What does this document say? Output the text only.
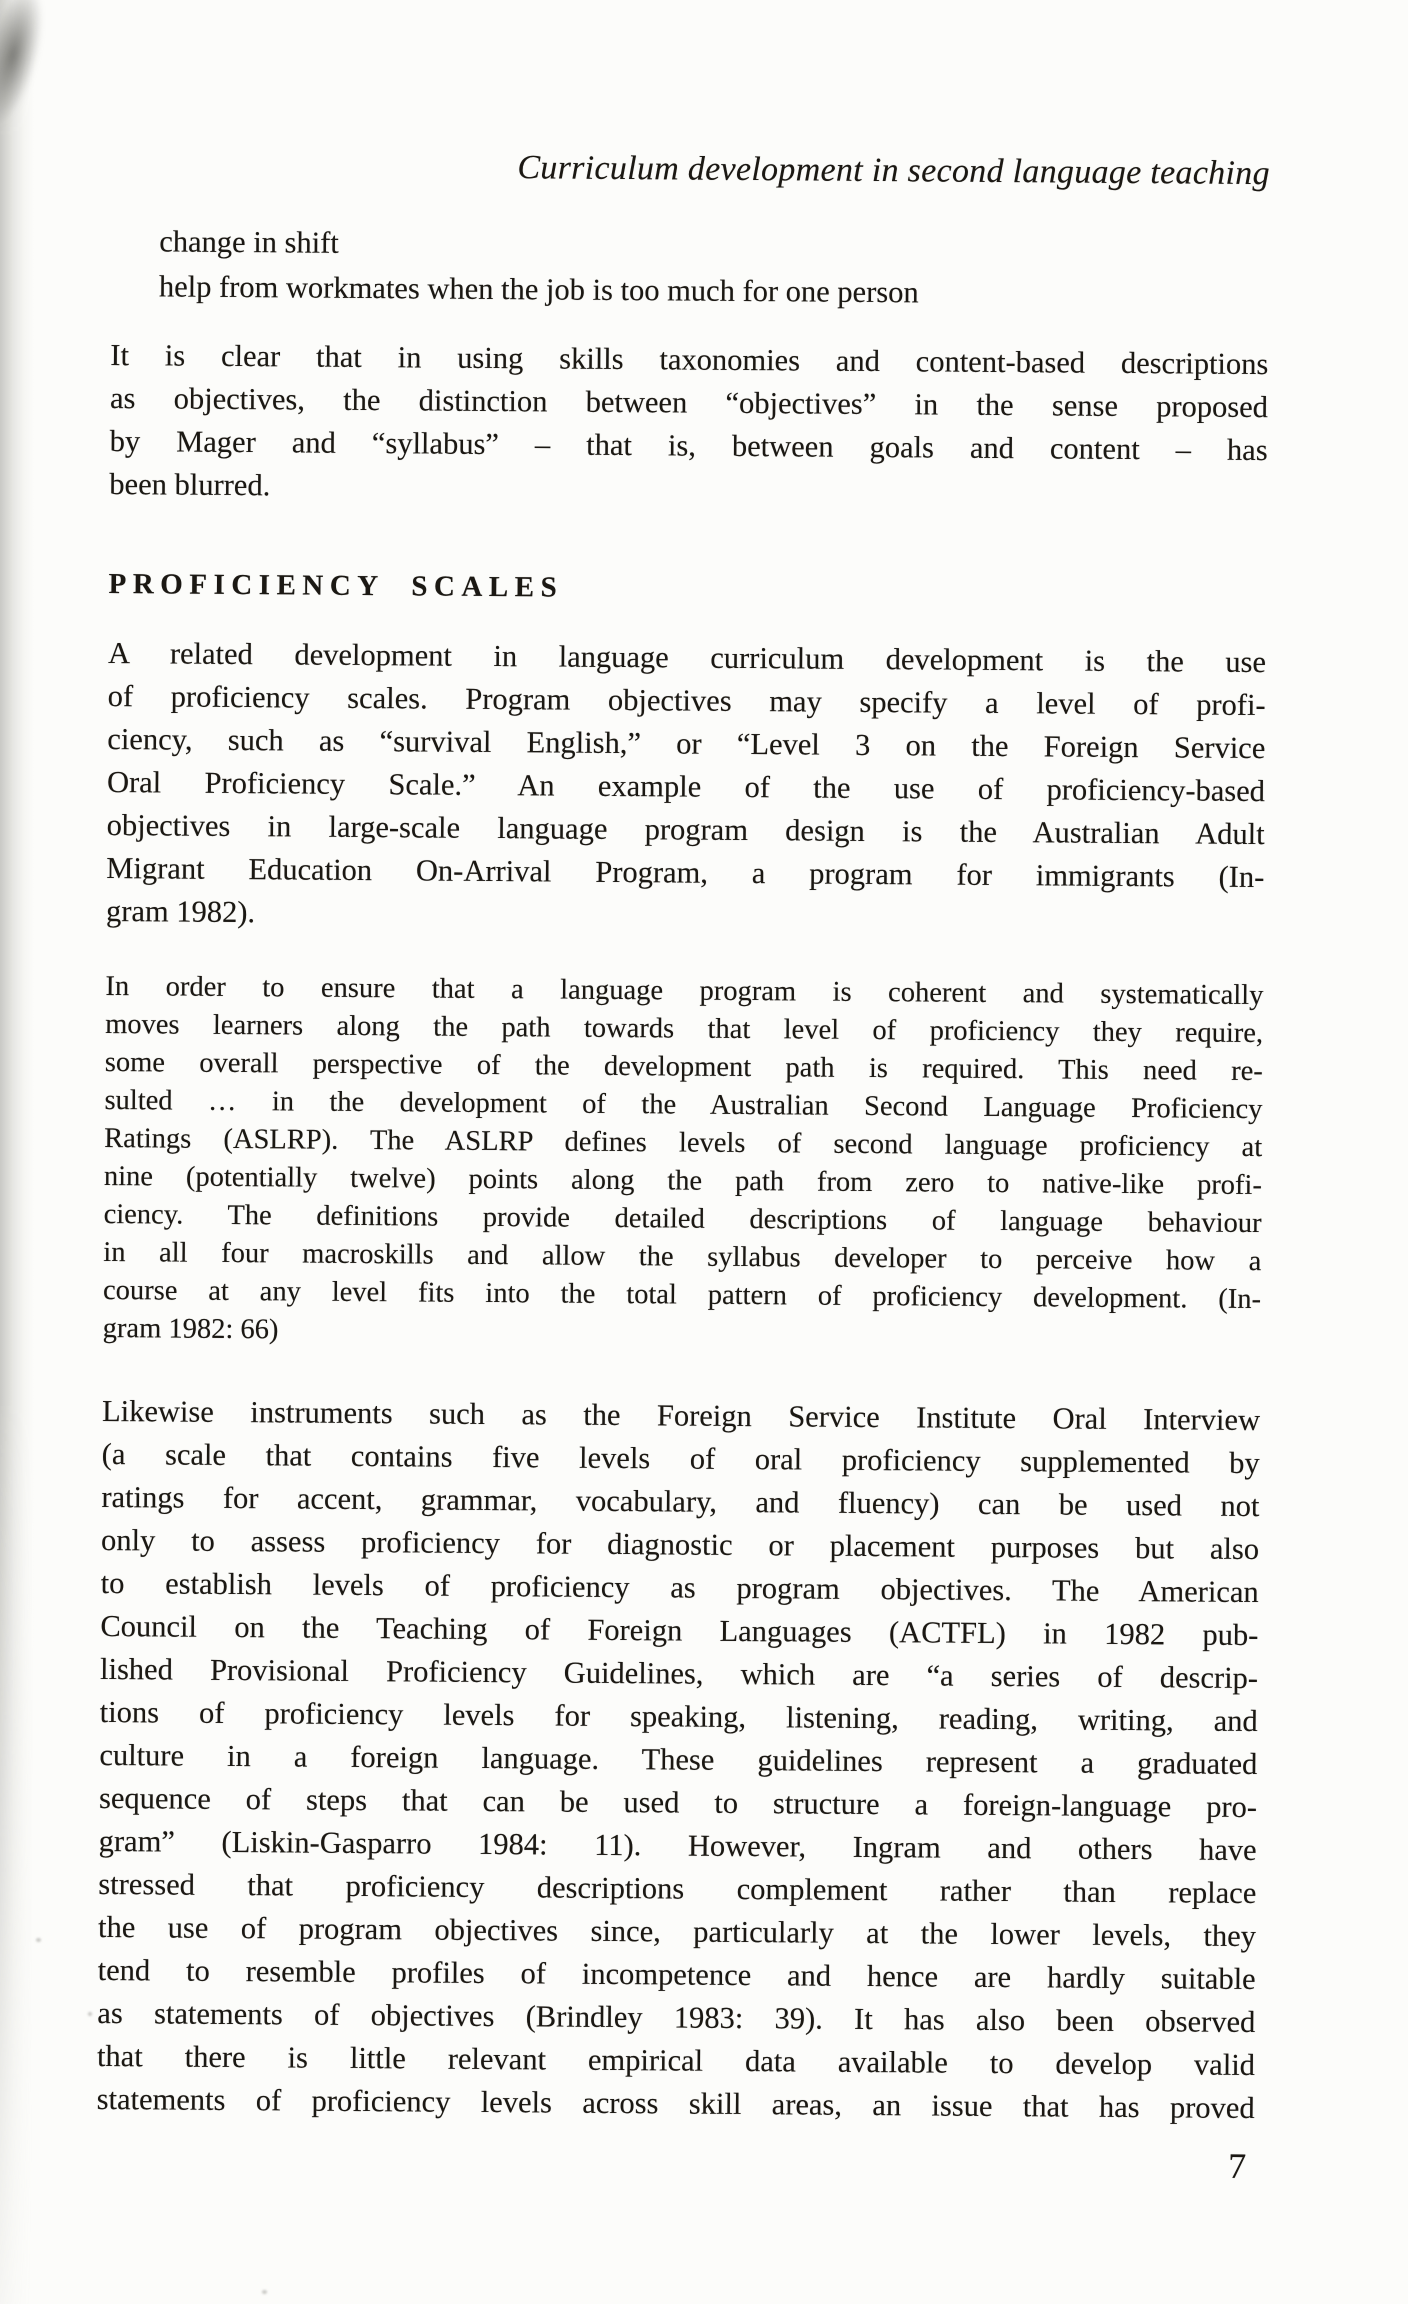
Curriculum development in second language teaching
change in shift
help from workmates when the job is too much for one person
It is clear that in using skills taxonomies and content-based descriptions
as objectives, the distinction between “objectives” in the sense proposed
by Mager and “syllabus” – that is, between goals and content – has
been blurred.
PROFICIENCY SCALES
A related development in language curriculum development is the use
of proficiency scales. Program objectives may specify a level of profi-
ciency, such as “survival English,” or “Level 3 on the Foreign Service
Oral Proficiency Scale.” An example of the use of proficiency-based
objectives in large-scale language program design is the Australian Adult
Migrant Education On-Arrival Program, a program for immigrants (In-
gram 1982).
In order to ensure that a language program is coherent and systematically
moves learners along the path towards that level of proficiency they require,
some overall perspective of the development path is required. This need re-
sulted … in the development of the Australian Second Language Proficiency
Ratings (ASLRP). The ASLRP defines levels of second language proficiency at
nine (potentially twelve) points along the path from zero to native-like profi-
ciency. The definitions provide detailed descriptions of language behaviour
in all four macroskills and allow the syllabus developer to perceive how a
course at any level fits into the total pattern of proficiency development. (In-
gram 1982: 66)
Likewise instruments such as the Foreign Service Institute Oral Interview
(a scale that contains five levels of oral proficiency supplemented by
ratings for accent, grammar, vocabulary, and fluency) can be used not
only to assess proficiency for diagnostic or placement purposes but also
to establish levels of proficiency as program objectives. The American
Council on the Teaching of Foreign Languages (ACTFL) in 1982 pub-
lished Provisional Proficiency Guidelines, which are “a series of descrip-
tions of proficiency levels for speaking, listening, reading, writing, and
culture in a foreign language. These guidelines represent a graduated
sequence of steps that can be used to structure a foreign-language pro-
gram” (Liskin-Gasparro 1984: 11). However, Ingram and others have
stressed that proficiency descriptions complement rather than replace
the use of program objectives since, particularly at the lower levels, they
tend to resemble profiles of incompetence and hence are hardly suitable
as statements of objectives (Brindley 1983: 39). It has also been observed
that there is little relevant empirical data available to develop valid
statements of proficiency levels across skill areas, an issue that has proved
7
